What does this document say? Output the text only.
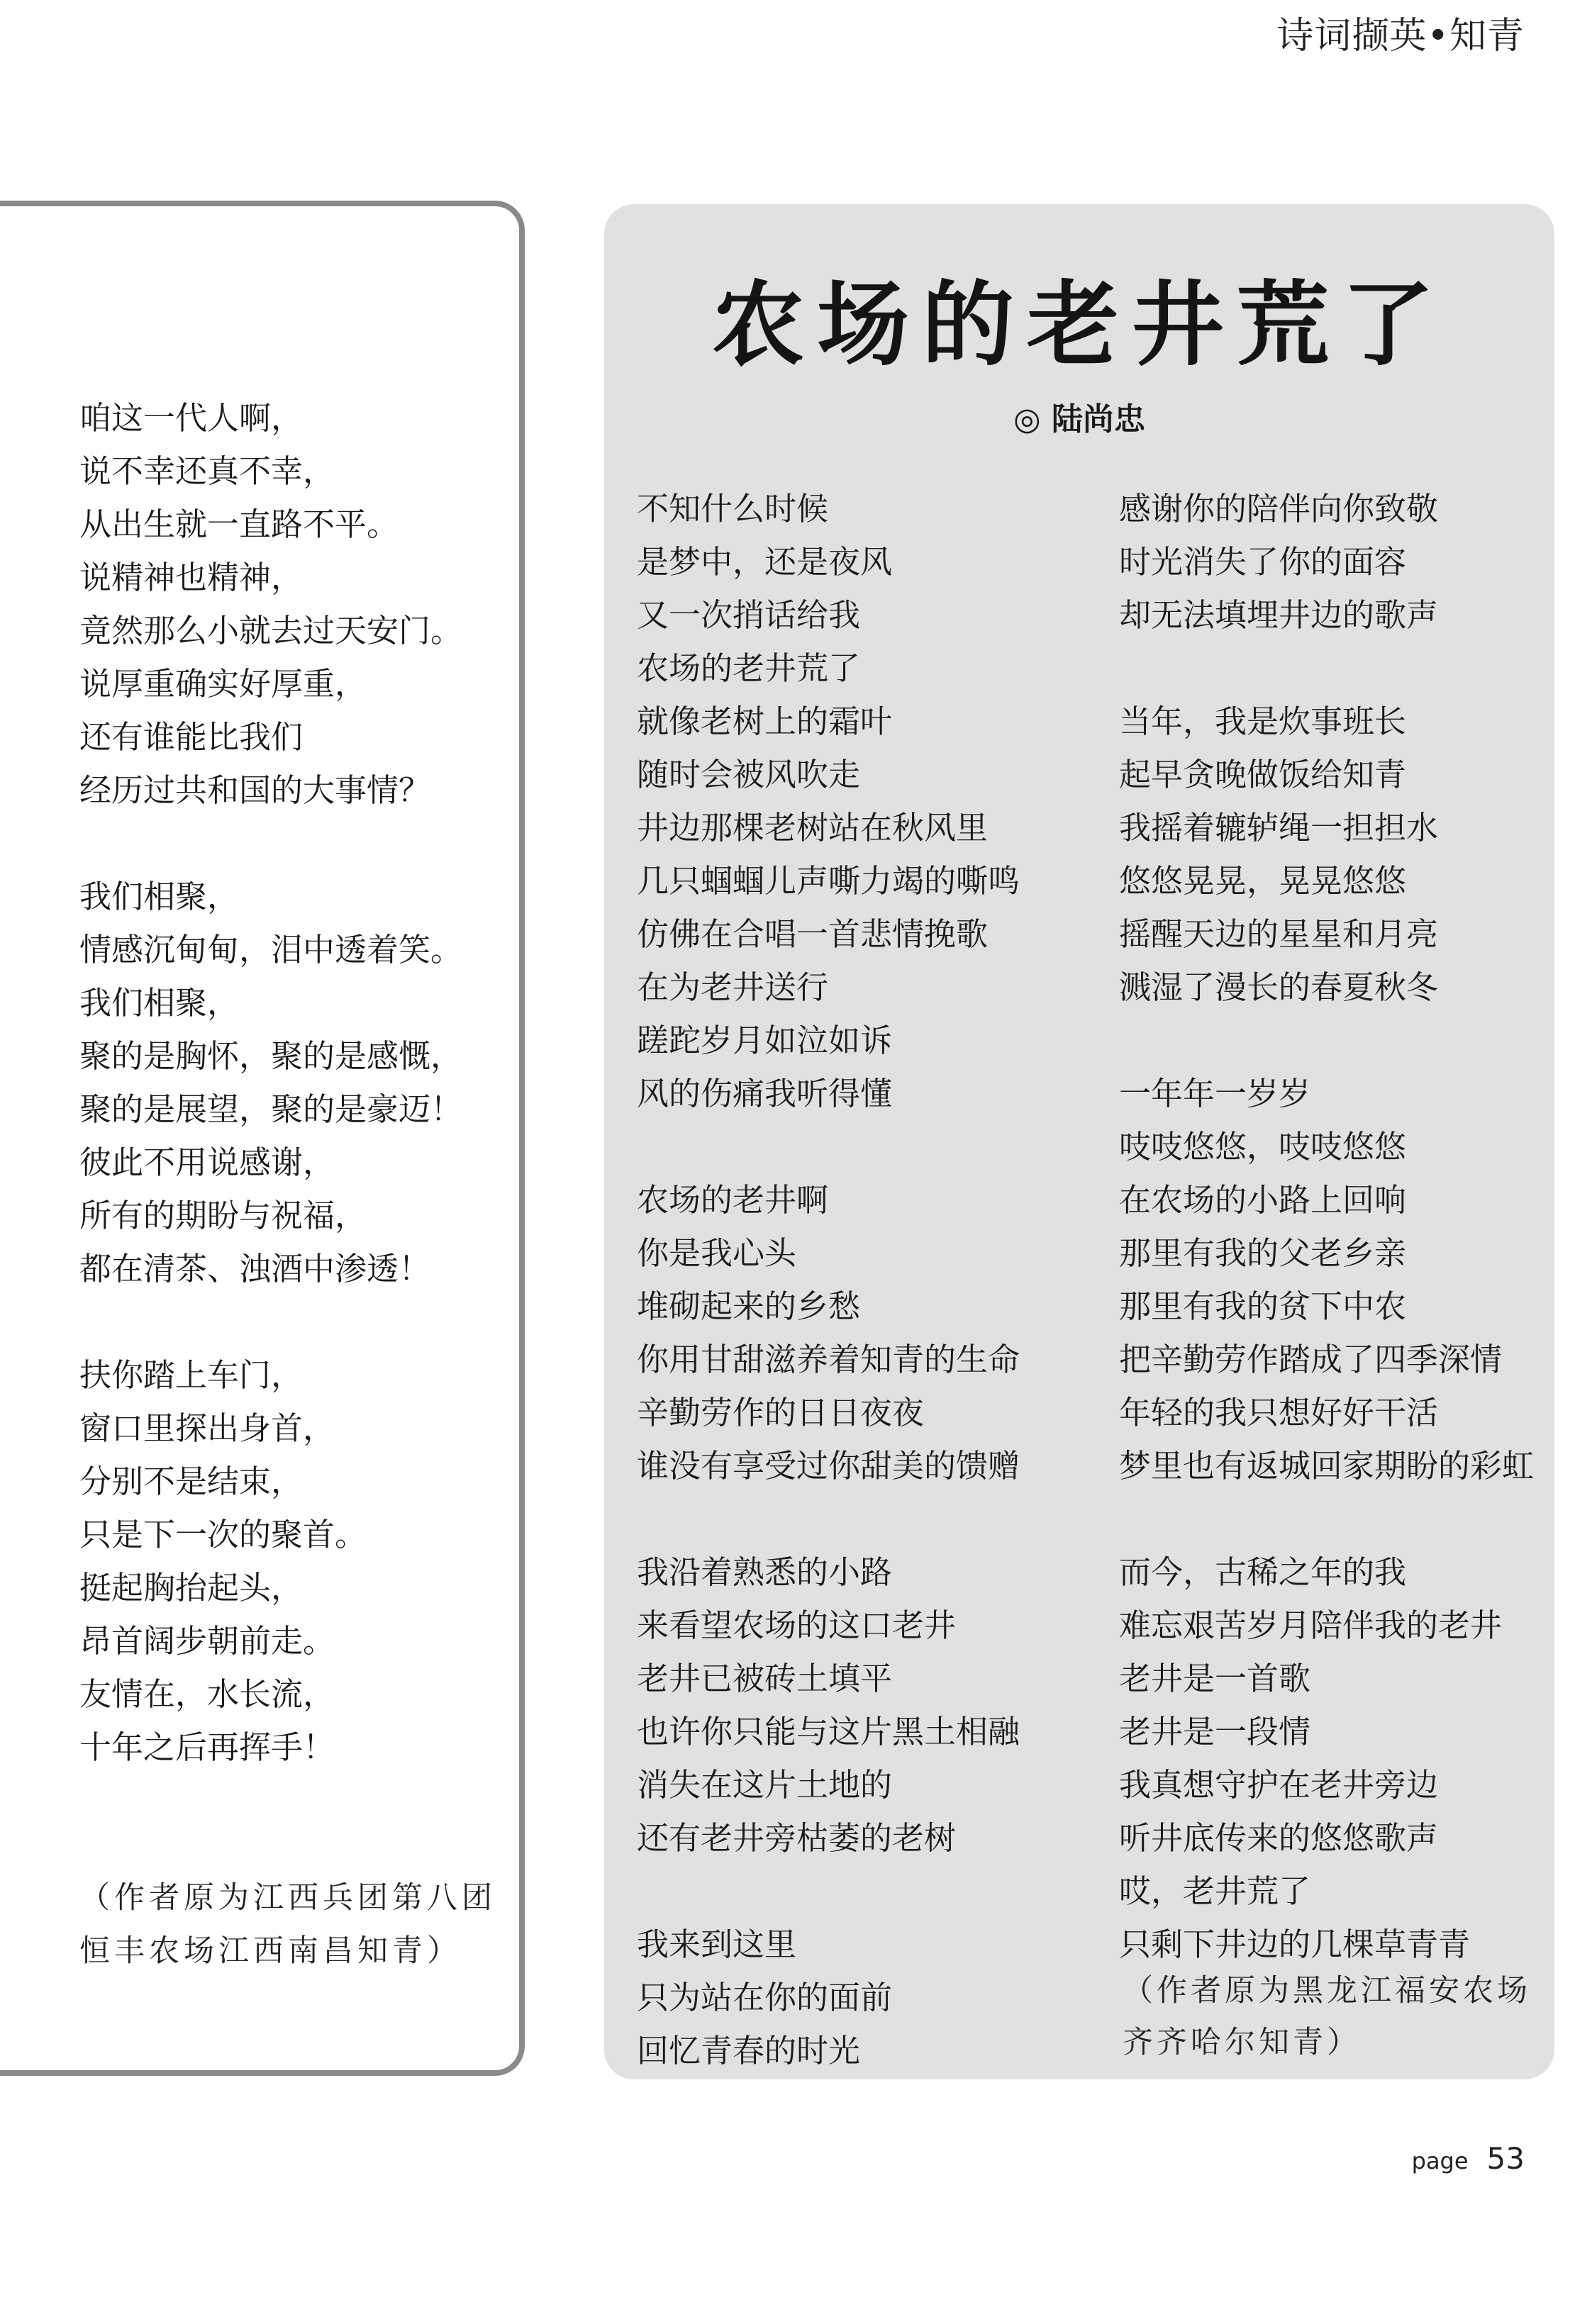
诗词撷英•知青
咱这一代人啊，
说不幸还真不幸，
从出生就一直路不平。
说精神也精神，
竟然那么小就去过天安门。
说厚重确实好厚重，
还有谁能比我们
经历过共和国的大事情？
我们相聚，
情感沉甸甸，泪中透着笑。
我们相聚，
聚的是胸怀，聚的是感慨，
聚的是展望，聚的是豪迈！
彼此不用说感谢，
所有的期盼与祝福，
都在清茶、浊酒中渗透！
扶你踏上车门，
窗口里探出身首，
分别不是结束，
只是下一次的聚首。
挺起胸抬起头，
昂首阔步朝前走。
友情在，水长流，
十年之后再挥手！
（作者原为江西兵团第八团恒丰农场江西南昌知青）
农场的老井荒了
◎ 陆尚忠
不知什么时候
是梦中，还是夜风
又一次捎话给我
农场的老井荒了
就像老树上的霜叶
随时会被风吹走
井边那棵老树站在秋风里
几只蝈蝈儿声嘶力竭的嘶鸣
仿佛在合唱一首悲情挽歌
在为老井送行
蹉跎岁月如泣如诉
风的伤痛我听得懂
农场的老井啊
你是我心头
堆砌起来的乡愁
你用甘甜滋养着知青的生命
辛勤劳作的日日夜夜
谁没有享受过你甜美的馈赠
我沿着熟悉的小路
来看望农场的这口老井
老井已被砖土填平
也许你只能与这片黑土相融
消失在这片土地的
还有老井旁枯萎的老树
我来到这里
只为站在你的面前
回忆青春的时光
感谢你的陪伴向你致敬
时光消失了你的面容
却无法填埋井边的歌声
当年，我是炊事班长
起早贪晚做饭给知青
我摇着辘轳绳一担担水
悠悠晃晃，晃晃悠悠
摇醒天边的星星和月亮
溅湿了漫长的春夏秋冬
一年年一岁岁
吱吱悠悠，吱吱悠悠
在农场的小路上回响
那里有我的父老乡亲
那里有我的贫下中农
把辛勤劳作踏成了四季深情
年轻的我只想好好干活
梦里也有返城回家期盼的彩虹
而今，古稀之年的我
难忘艰苦岁月陪伴我的老井
老井是一首歌
老井是一段情
我真想守护在老井旁边
听井底传来的悠悠歌声
哎，老井荒了
只剩下井边的几棵草青青
（作者原为黑龙江福安农场齐齐哈尔知青）
page 53
